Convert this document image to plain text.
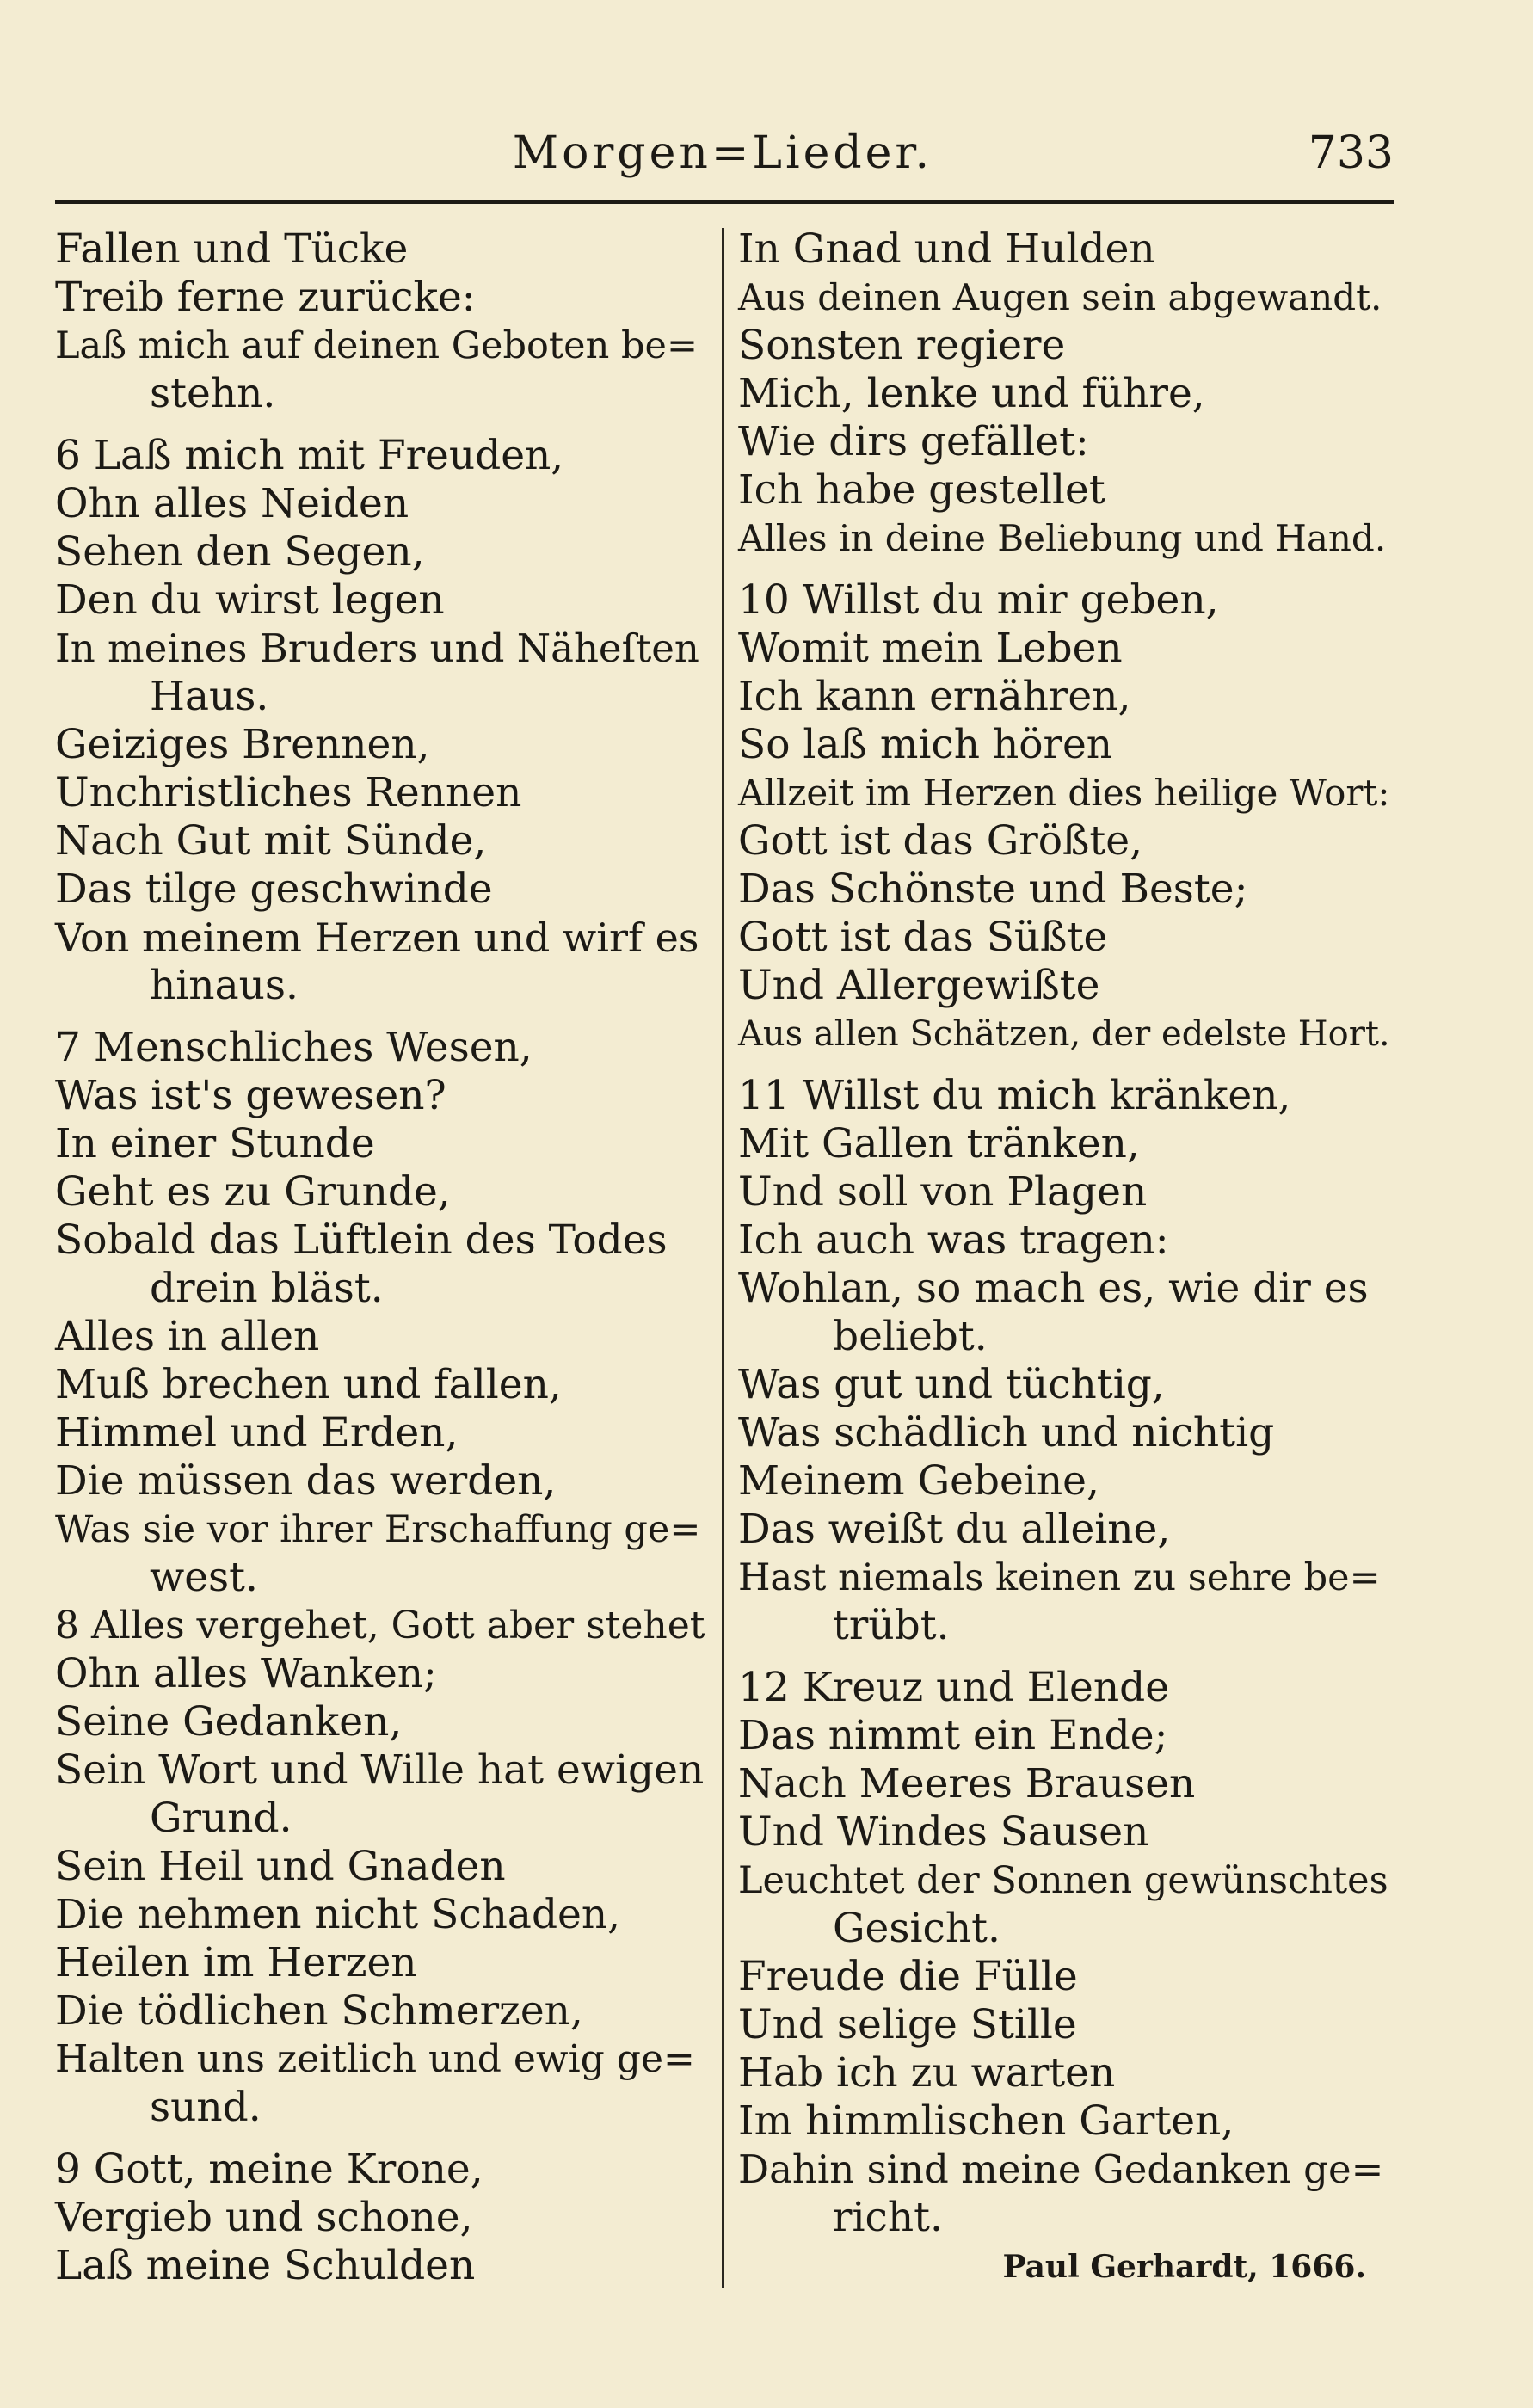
Morgen=Lieder.	733
Fallen und Tücke
Treib ferne zurücke:
Laß mich auf deinen Geboten be=
stehn.
6 Laß mich mit Freuden,
Ohn alles Neiden
Sehen den Segen,
Den du wirst legen
In meines Bruders und Näheſten
Haus.
Geiziges Brennen,
Unchristliches Rennen
Nach Gut mit Sünde,
Das tilge geschwinde
Von meinem Herzen und wirf es
hinaus.
7 Menschliches Wesen,
Was ist's gewesen?
In einer Stunde
Geht es zu Grunde,
Sobald das Lüftlein des Todes
drein bläst.
Alles in allen
Muß brechen und fallen,
Himmel und Erden,
Die müssen das werden,
Was sie vor ihrer Erschaffung ge=
west.
8 Alles vergehet, Gott aber stehet
Ohn alles Wanken;
Seine Gedanken,
Sein Wort und Wille hat ewigen
Grund.
Sein Heil und Gnaden
Die nehmen nicht Schaden,
Heilen im Herzen
Die tödlichen Schmerzen,
Halten uns zeitlich und ewig ge=
sund.
9 Gott, meine Krone,
Vergieb und schone,
Laß meine Schulden
In Gnad und Hulden
Aus deinen Augen sein abgewandt.
Sonsten regiere
Mich, lenke und führe,
Wie dirs gefället:
Ich habe gestellet
Alles in deine Beliebung und Hand.
10 Willst du mir geben,
Womit mein Leben
Ich kann ernähren,
So laß mich hören
Allzeit im Herzen dies heilige Wort:
Gott ist das Größte,
Das Schönste und Beste;
Gott ist das Süßte
Und Allergewißte
Aus allen Schätzen, der edelste Hort.
11 Willst du mich kränken,
Mit Gallen tränken,
Und soll von Plagen
Ich auch was tragen:
Wohlan, so mach es, wie dir es
beliebt.
Was gut und tüchtig,
Was schädlich und nichtig
Meinem Gebeine,
Das weißt du alleine,
Hast niemals keinen zu sehre be=
trübt.
12 Kreuz und Elende
Das nimmt ein Ende;
Nach Meeres Brausen
Und Windes Sausen
Leuchtet der Sonnen gewünschtes
Gesicht.
Freude die Fülle
Und selige Stille
Hab ich zu warten
Im himmlischen Garten,
Dahin sind meine Gedanken ge=
richt.
Paul Gerhardt, 1666.
